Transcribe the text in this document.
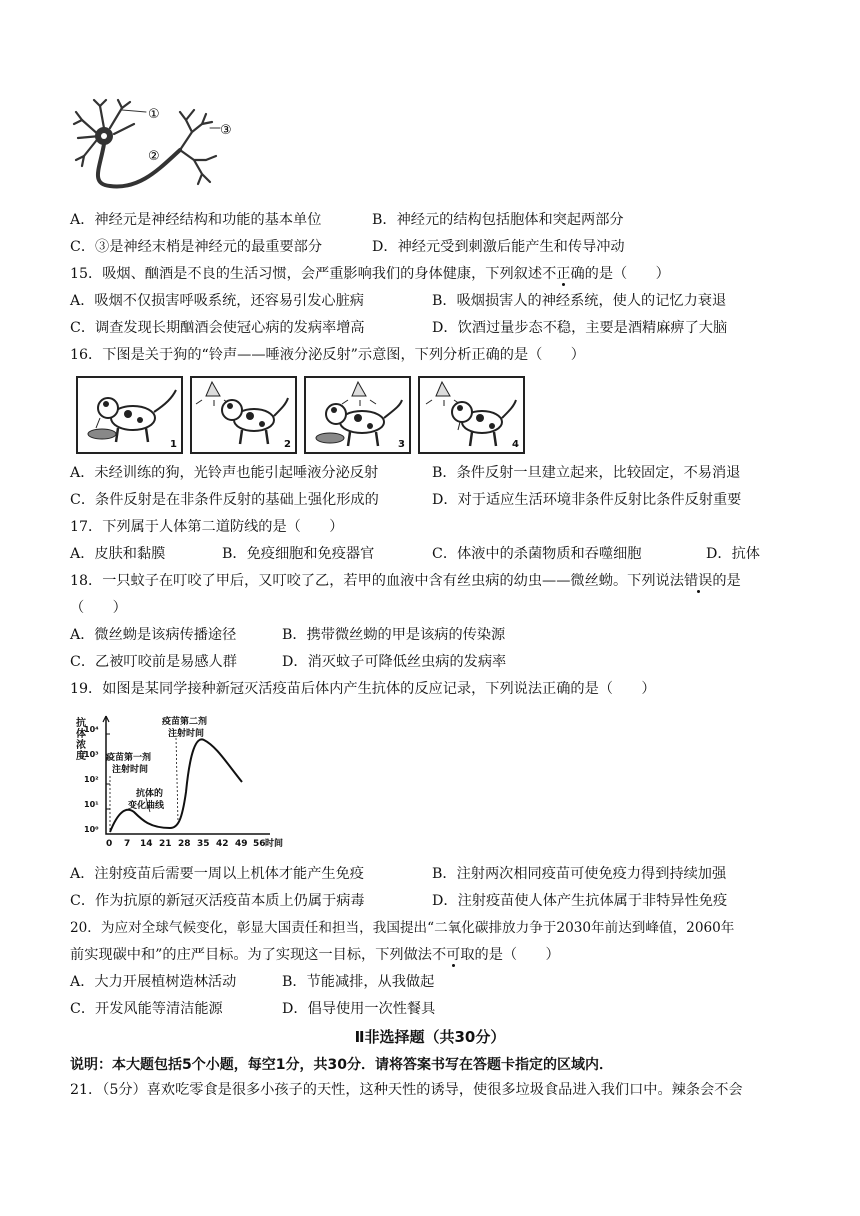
①
②
③
A．神经元是神经结构和功能的基本单位	B．神经元的结构包括胞体和突起两部分
C．③是神经末梢是神经元的最重要部分	D．神经元受到刺激后能产生和传导冲动
15．吸烟、酗酒是不良的生活习惯，会严重影响我们的身体健康，下列叙述不正确的是（　　）
A．吸烟不仅损害呼吸系统，还容易引发心脏病	B．吸烟损害人的神经系统，使人的记忆力衰退
C．调查发现长期酗酒会使冠心病的发病率增高	D．饮酒过量步态不稳，主要是酒精麻痹了大脑
16．下图是关于狗的“铃声——唾液分泌反射”示意图，下列分析正确的是（　　）
1	2	3	4
A．未经训练的狗，光铃声也能引起唾液分泌反射	B．条件反射一旦建立起来，比较固定，不易消退
C．条件反射是在非条件反射的基础上强化形成的	D．对于适应生活环境非条件反射比条件反射重要
17．下列属于人体第二道防线的是（　　）
A．皮肤和黏膜	B．免疫细胞和免疫器官	C．体液中的杀菌物质和吞噬细胞	D．抗体
18．一只蚊子在叮咬了甲后，又叮咬了乙，若甲的血液中含有丝虫病的幼虫——微丝蚴。下列说法错误的是
（　　）
A．微丝蚴是该病传播途径	B．携带微丝蚴的甲是该病的传染源
C．乙被叮咬前是易感人群	D．消灭蚊子可降低丝虫病的发病率
19．如图是某同学接种新冠灭活疫苗后体内产生抗体的反应记录，下列说法正确的是（　　）
抗
体
浓
度
10⁰
10¹
10²
10³
10⁴
0 7 14 21 28 35 42 49 56 时间
疫苗第一剂
注射时间
疫苗第二剂
注射时间
抗体的
变化曲线
A．注射疫苗后需要一周以上机体才能产生免疫	B．注射两次相同疫苗可使免疫力得到持续加强
C．作为抗原的新冠灭活疫苗本质上仍属于病毒	D．注射疫苗使人体产生抗体属于非特异性免疫
20．为应对全球气候变化，彰显大国责任和担当，我国提出“二氧化碳排放力争于2030年前达到峰值，2060年
前实现碳中和”的庄严目标。为了实现这一目标，下列做法不可取的是（　　）
A．大力开展植树造林活动	B．节能减排，从我做起
C．开发风能等清洁能源	D．倡导使用一次性餐具
Ⅱ非选择题（共30分）
说明：本大题包括5个小题，每空1分，共30分．请将答案书写在答题卡指定的区域内．
21．（5分）喜欢吃零食是很多小孩子的天性，这种天性的诱导，使很多垃圾食品进入我们口中。辣条会不会
